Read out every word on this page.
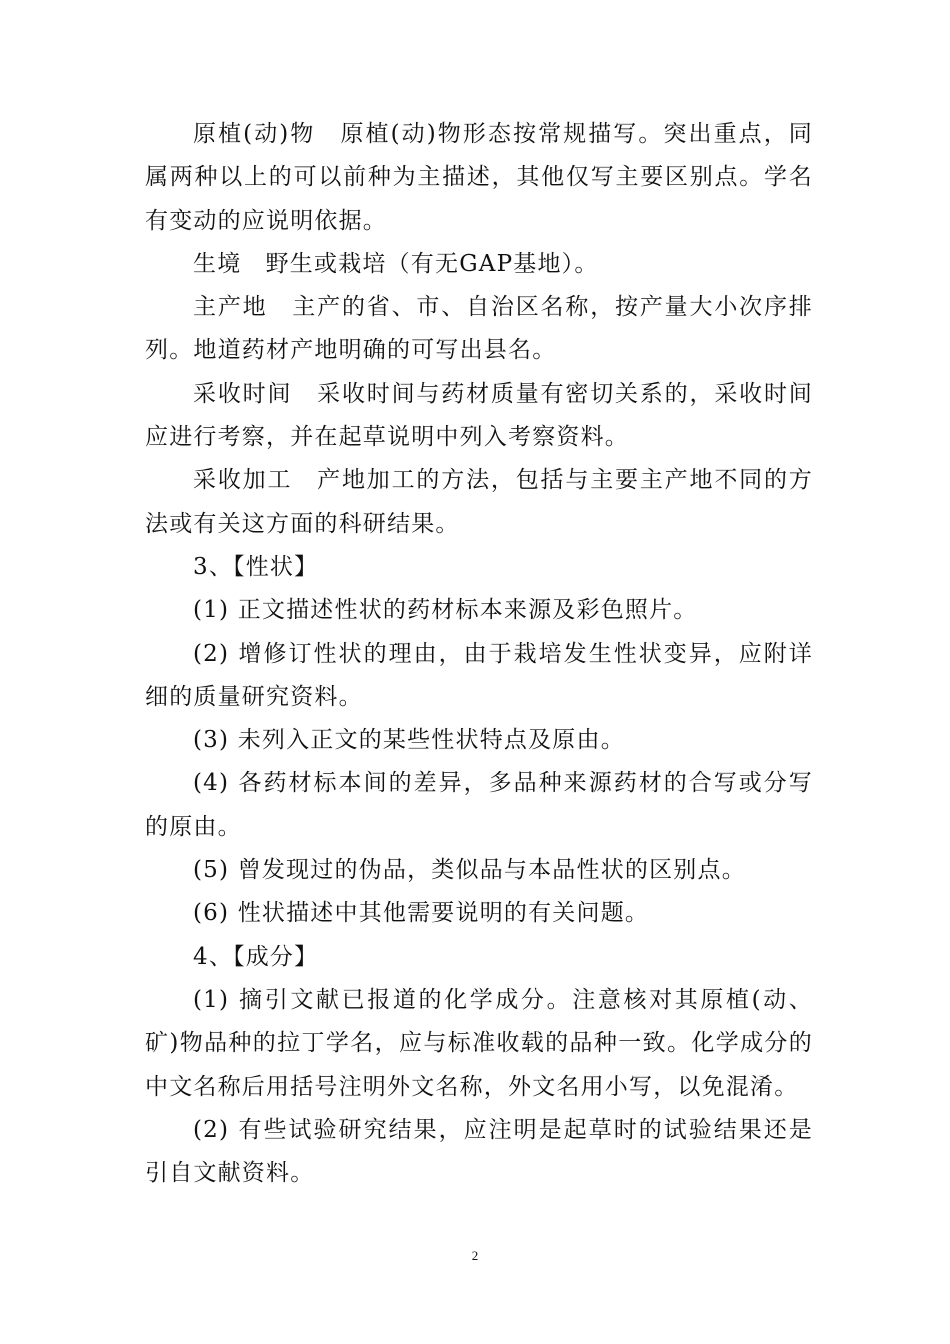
原植(动)物　原植(动)物形态按常规描写。突出重点，同属两种以上的可以前种为主描述，其他仅写主要区别点。学名有变动的应说明依据。

生境　野生或栽培（有无GAP基地）。

主产地　主产的省、市、自治区名称，按产量大小次序排列。地道药材产地明确的可写出县名。

采收时间　采收时间与药材质量有密切关系的，采收时间应进行考察，并在起草说明中列入考察资料。

采收加工　产地加工的方法，包括与主要主产地不同的方法或有关这方面的科研结果。

3、【性状】

(1) 正文描述性状的药材标本来源及彩色照片。

(2) 增修订性状的理由，由于栽培发生性状变异，应附详细的质量研究资料。

(3) 未列入正文的某些性状特点及原由。

(4) 各药材标本间的差异，多品种来源药材的合写或分写的原由。

(5) 曾发现过的伪品，类似品与本品性状的区别点。

(6) 性状描述中其他需要说明的有关问题。

4、【成分】

(1) 摘引文献已报道的化学成分。注意核对其原植(动、矿)物品种的拉丁学名，应与标准收载的品种一致。化学成分的中文名称后用括号注明外文名称，外文名用小写，以免混淆。

(2) 有些试验研究结果，应注明是起草时的试验结果还是引自文献资料。

2
